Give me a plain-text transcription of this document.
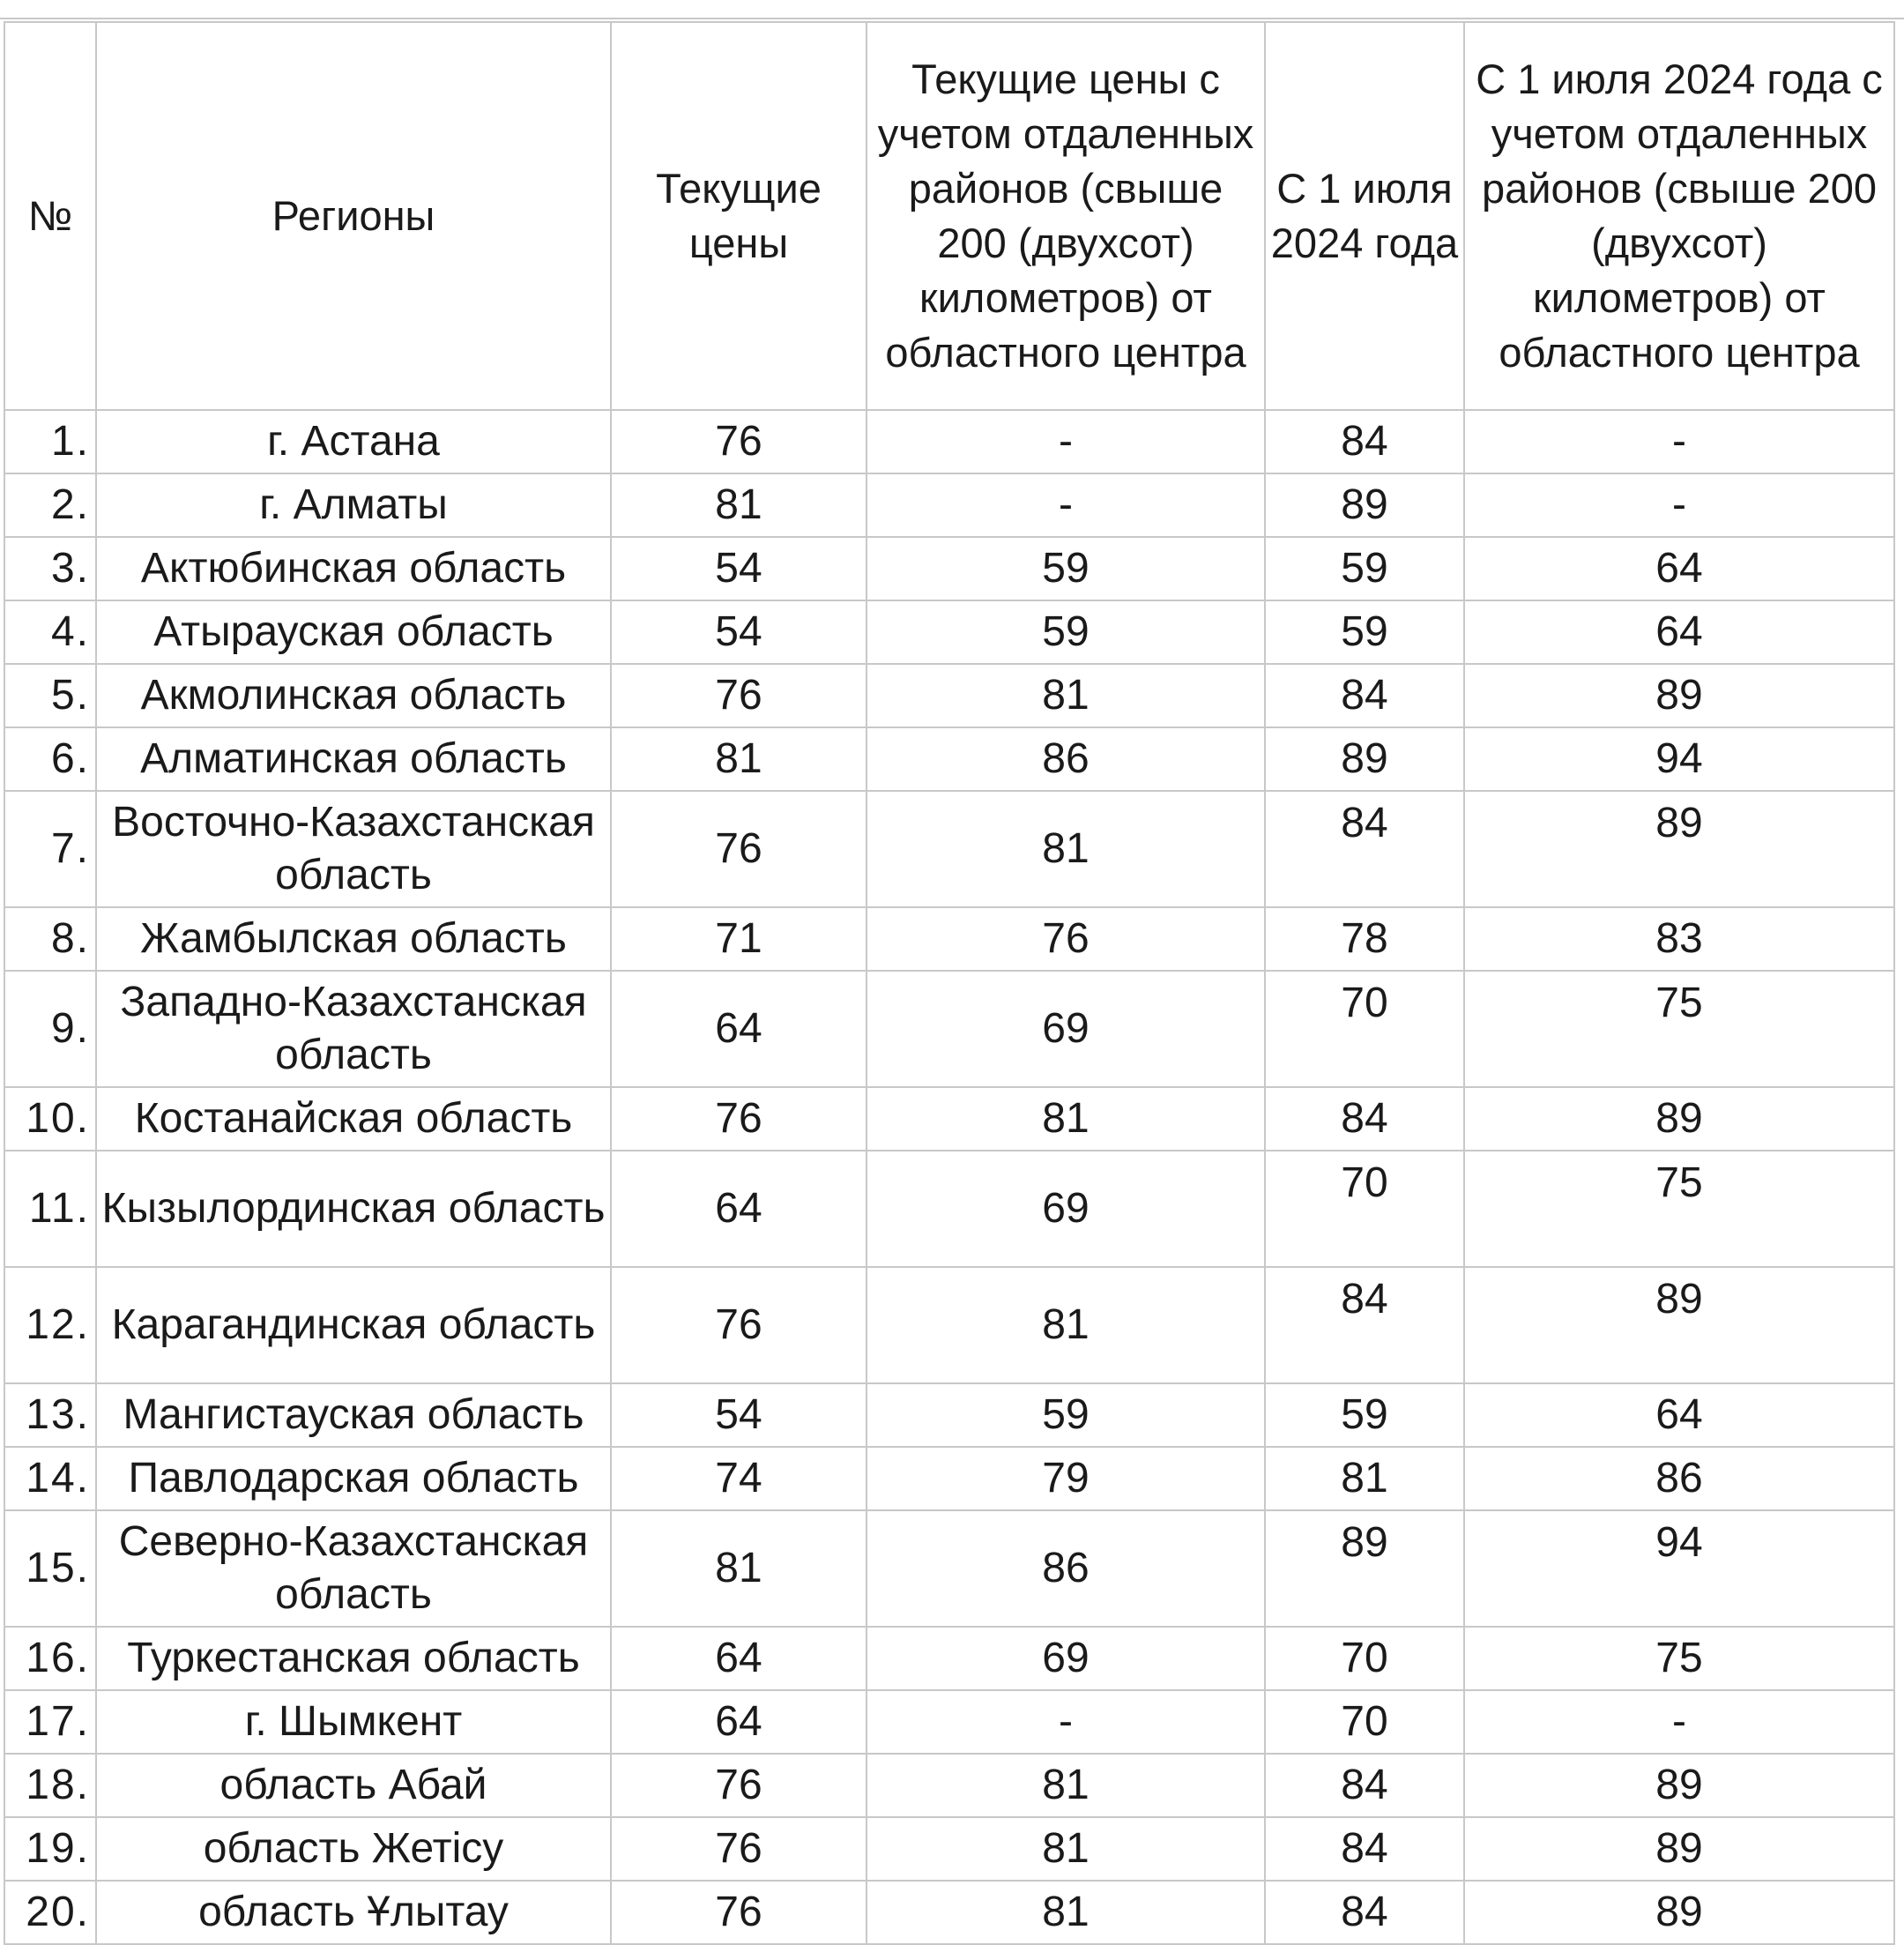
№	Регионы	Текущие цены	Текущие цены с учетом отдаленных районов (свыше 200 (двухсот) километров) от областного центра	С 1 июля 2024 года	С 1 июля 2024 года с учетом отдаленных районов (свыше 200 (двухсот) километров) от областного центра
1.	г. Астана	76	-	84	-
2.	г. Алматы	81	-	89	-
3.	Актюбинская область	54	59	59	64
4.	Атырауская область	54	59	59	64
5.	Акмолинская область	76	81	84	89
6.	Алматинская область	81	86	89	94
7.	Восточно-Казахстанская область	76	81	84	89
8.	Жамбылская область	71	76	78	83
9.	Западно-Казахстанская область	64	69	70	75
10.	Костанайская область	76	81	84	89
11.	Кызылординская область	64	69	70	75
12.	Карагандинская область	76	81	84	89
13.	Мангистауская область	54	59	59	64
14.	Павлодарская область	74	79	81	86
15.	Северно-Казахстанская область	81	86	89	94
16.	Туркестанская область	64	69	70	75
17.	г. Шымкент	64	-	70	-
18.	область Абай	76	81	84	89
19.	область Жетісу	76	81	84	89
20.	область Ұлытау	76	81	84	89
